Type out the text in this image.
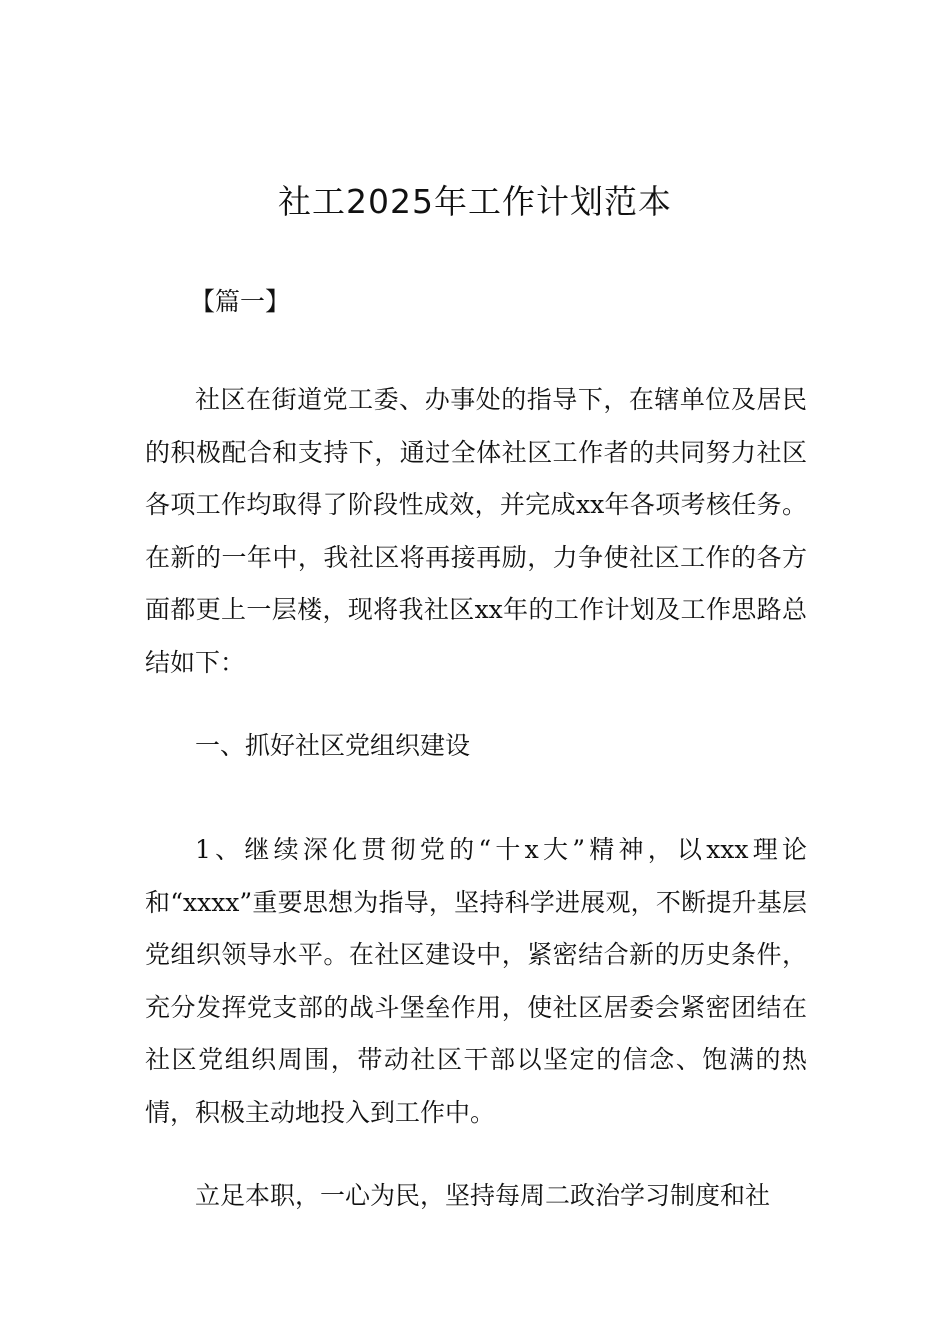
社工2025年工作计划范本

【篇一】

社区在街道党工委、办事处的指导下，在辖单位及居民的积极配合和支持下，通过全体社区工作者的共同努力社区各项工作均取得了阶段性成效，并完成xx年各项考核任务。在新的一年中，我社区将再接再励，力争使社区工作的各方面都更上一层楼，现将我社区xx年的工作计划及工作思路总结如下：

一、抓好社区党组织建设

1、继续深化贯彻党的“十x大”精神，以xxx理论和“xxxx”重要思想为指导，坚持科学进展观，不断提升基层党组织领导水平。在社区建设中，紧密结合新的历史条件，充分发挥党支部的战斗堡垒作用，使社区居委会紧密团结在社区党组织周围，带动社区干部以坚定的信念、饱满的热情，积极主动地投入到工作中。

立足本职，一心为民，坚持每周二政治学习制度和社
